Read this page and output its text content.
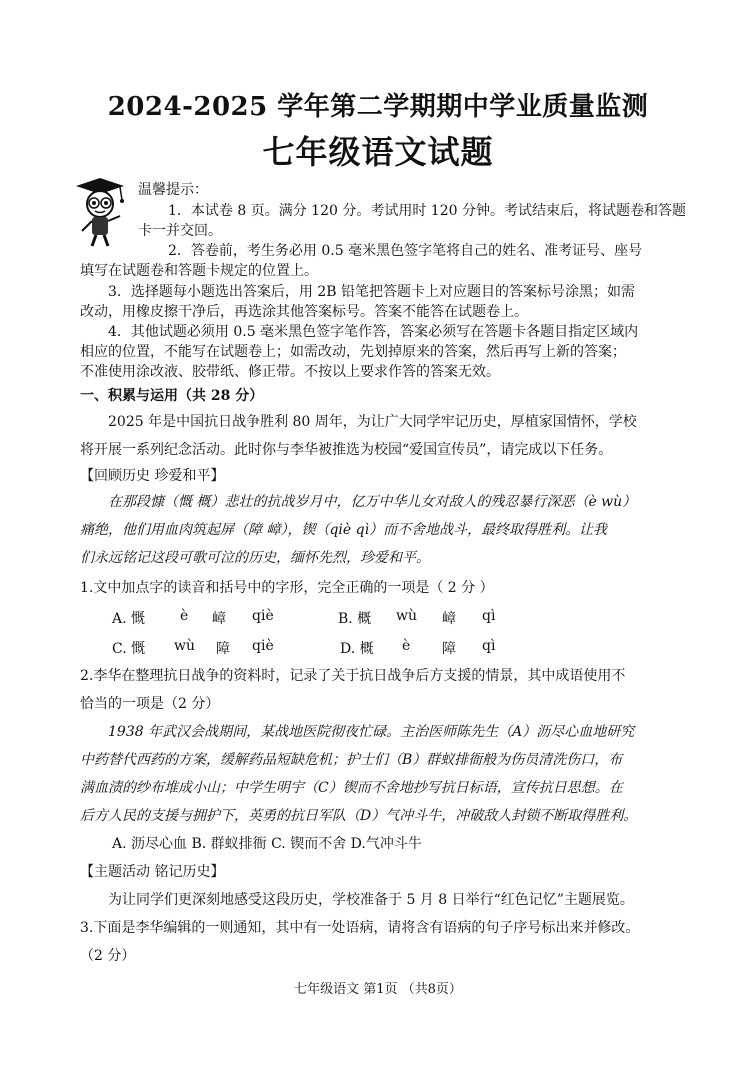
2024-2025 学年第二学期期中学业质量监测
七年级语文试题
温馨提示：
1．本试卷 8 页。满分 120 分。考试用时 120 分钟。考试结束后，将试题卷和答题
卡一并交回。
2．答卷前，考生务必用 0.5 毫米黑色签字笔将自己的姓名、准考证号、座号
填写在试题卷和答题卡规定的位置上。
3．选择题每小题选出答案后，用 2B 铅笔把答题卡上对应题目的答案标号涂黑；如需
改动，用橡皮擦干净后，再选涂其他答案标号。答案不能答在试题卷上。
4．其他试题必须用 0.5 毫米黑色签字笔作答，答案必须写在答题卡各题目指定区域内
相应的位置，不能写在试题卷上；如需改动，先划掉原来的答案，然后再写上新的答案；
不准使用涂改液、胶带纸、修正带。不按以上要求作答的答案无效。
一、积累与运用（共 28 分）
2025 年是中国抗日战争胜利 80 周年，为让广大同学牢记历史，厚植家国情怀，学校
将开展一系列纪念活动。此时你与李华被推选为校园“爱国宣传员”，请完成以下任务。
【回顾历史 珍爱和平】
在那段慷（慨 概）悲壮的抗战岁月中，亿万中华儿女对敌人的残忍暴行深恶（è wù）
痛绝，他们用血肉筑起屏（障 嶂），锲（qiè qì）而不舍地战斗，最终取得胜利。让我
们永远铭记这段可歌可泣的历史，缅怀先烈，珍爱和平。
1.文中加点字的读音和括号中的字形，完全正确的一项是（ 2 分 ）
A. 慨 è 嶂 qiè	B. 概 wù 嶂 qì
C. 慨 wù 障 qiè	D. 概 è 障 qì
2.李华在整理抗日战争的资料时，记录了关于抗日战争后方支援的情景，其中成语使用不
恰当的一项是（2 分）
1938 年武汉会战期间，某战地医院彻夜忙碌。主治医师陈先生（A）沥尽心血地研究
中药替代西药的方案，缓解药品短缺危机；护士们（B）群蚁排衙般为伤员清洗伤口，布
满血渍的纱布堆成小山；中学生明宇（C）锲而不舍地抄写抗日标语，宣传抗日思想。在
后方人民的支援与拥护下，英勇的抗日军队（D）气冲斗牛，冲破敌人封锁不断取得胜利。
A. 沥尽心血 B. 群蚁排衙 C. 锲而不舍 D.气冲斗牛
【主题活动 铭记历史】
为让同学们更深刻地感受这段历史，学校准备于 5 月 8 日举行“红色记忆”主题展览。
3.下面是李华编辑的一则通知，其中有一处语病，请将含有语病的句子序号标出来并修改。
（2 分）
七年级语文 第1页 （共8页）
